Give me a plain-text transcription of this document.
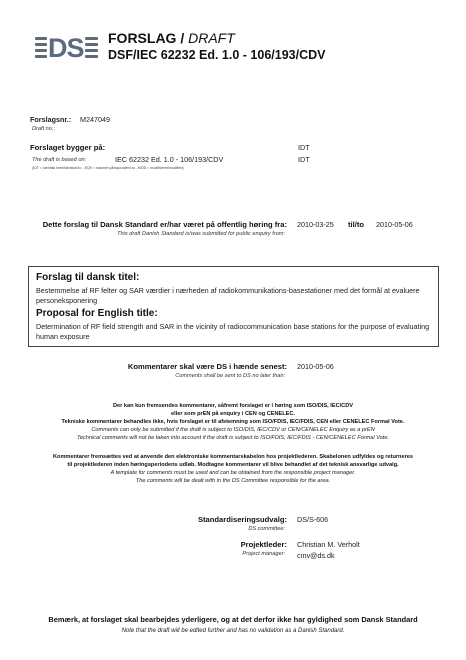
DS FORSLAG / DRAFT
DSF/IEC 62232 Ed. 1.0 - 106/193/CDV
Forslagsnr.: M247049
Draft no.:
Forslaget bygger på:	IDT
The draft is based on:	IEC 62232 Ed. 1.0 - 106/193/CDV	IDT
(IDT = identisk med/identical to - EQV = baseret på/equivalent to - MOD = modificeret/modified)
Dette forslag til Dansk Standard er/har været på offentlig høring fra: 2010-03-25 til/to 2010-05-06
This draft Danish Standard is/was submitted for public enquiry from:
Forslag til dansk titel:
Bestemmelse af RF felter og SAR værdier i nærheden af radiokommunikations-basestationer med det formål at evaluere personeksponering
Proposal for English title:
Determination of RF field strength and SAR in the vicinity of radiocommunication base stations for the purpose of evaluating human exposure
Kommentarer skal være DS i hænde senest: 2010-05-06
Comments shall be sent to DS no later than:
Der kan kun fremsendes kommentarer, såfremt forslaget er i høring som ISO/DIS, IEC/CDV
eller som prEN på enquiry i CEN og CENELEC.
Tekniske kommentarer behandles ikke, hvis forslaget er til afstemning som ISO/FDIS, IEC/FDIS, CEN eller CENELEC Formal Vote.
Comments can only be submitted if the draft is subject to ISO/DIS, IEC/CDV or CEN/CENELEC Enquiry as a prEN
Technical comments will not be taken into account if the draft is subject to ISO/FDIS, IEC/FDIS - CEN/CENELEC Formal Vote.
Kommentarer fremsættes ved at anvende den elektroniske kommentarskabelon hos projektlederen. Skabelonen udfyldes og returneres
til projektlederen inden høringsperiodens udløb. Modtagne kommentarer vil blive behandlet af det teknisk ansvarlige udvalg.
A template for comments must be used and can be obtained from the responsible project manager.
The comments will be dealt with in the DS Committee responsible for the area.
Standardiseringsudvalg: DS/S-606
DS committee:
Projektleder: Christian M. Verholt
Project manager: cmv@ds.dk
Bemærk, at forslaget skal bearbejdes yderligere, og at det derfor ikke har gyldighed som Dansk Standard
Note that the draft will be edited further and has no validation as a Danish Standard.
